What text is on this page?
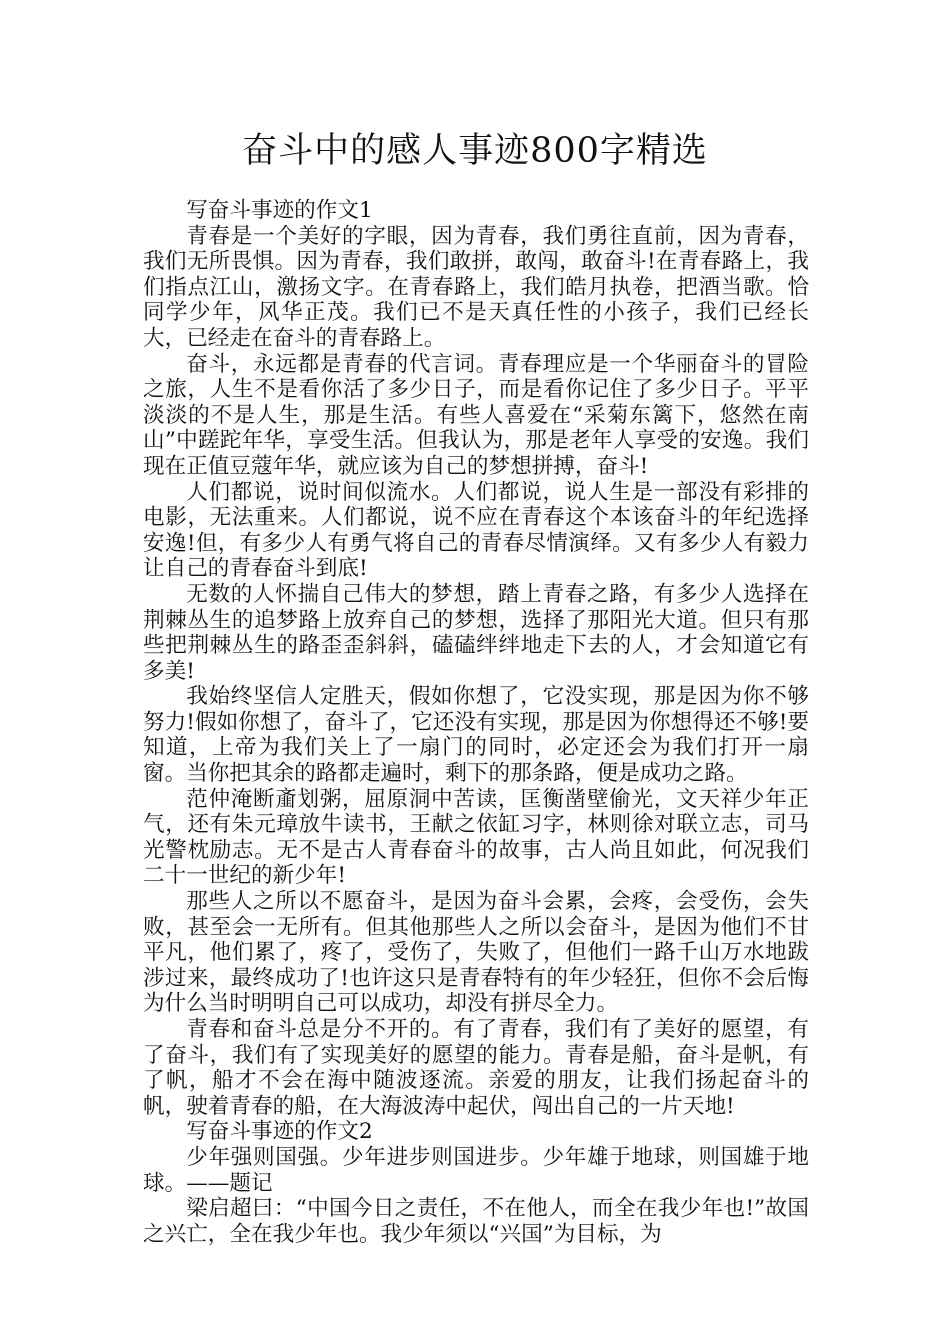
奋斗中的感人事迹800字精选

写奋斗事迹的作文1

青春是一个美好的字眼，因为青春，我们勇往直前，因为青春，我们无所畏惧。因为青春，我们敢拼，敢闯，敢奋斗!在青春路上，我们指点江山，激扬文字。在青春路上，我们皓月执卷，把酒当歌。恰同学少年，风华正茂。我们已不是天真任性的小孩子，我们已经长大，已经走在奋斗的青春路上。

奋斗，永远都是青春的代言词。青春理应是一个华丽奋斗的冒险之旅，人生不是看你活了多少日子，而是看你记住了多少日子。平平淡淡的不是人生，那是生活。有些人喜爱在“采菊东篱下，悠然在南山”中蹉跎年华，享受生活。但我认为，那是老年人享受的安逸。我们现在正值豆蔻年华，就应该为自己的梦想拼搏，奋斗!

人们都说，说时间似流水。人们都说，说人生是一部没有彩排的电影，无法重来。人们都说，说不应在青春这个本该奋斗的年纪选择安逸!但，有多少人有勇气将自己的青春尽情演绎。又有多少人有毅力让自己的青春奋斗到底!

无数的人怀揣自己伟大的梦想，踏上青春之路，有多少人选择在荆棘丛生的追梦路上放弃自己的梦想，选择了那阳光大道。但只有那些把荆棘丛生的路歪歪斜斜，磕磕绊绊地走下去的人，才会知道它有多美!

我始终坚信人定胜天，假如你想了，它没实现，那是因为你不够努力!假如你想了，奋斗了，它还没有实现，那是因为你想得还不够!要知道，上帝为我们关上了一扇门的同时，必定还会为我们打开一扇窗。当你把其余的路都走遍时，剩下的那条路，便是成功之路。

范仲淹断齑划粥，屈原洞中苦读，匡衡凿壁偷光，文天祥少年正气，还有朱元璋放牛读书，王献之依缸习字，林则徐对联立志，司马光警枕励志。无不是古人青春奋斗的故事，古人尚且如此，何况我们二十一世纪的新少年!

那些人之所以不愿奋斗，是因为奋斗会累，会疼，会受伤，会失败，甚至会一无所有。但其他那些人之所以会奋斗，是因为他们不甘平凡，他们累了，疼了，受伤了，失败了，但他们一路千山万水地跋涉过来，最终成功了!也许这只是青春特有的年少轻狂，但你不会后悔为什么当时明明自己可以成功，却没有拼尽全力。

青春和奋斗总是分不开的。有了青春，我们有了美好的愿望，有了奋斗，我们有了实现美好的愿望的能力。青春是船，奋斗是帆，有了帆，船才不会在海中随波逐流。亲爱的朋友，让我们扬起奋斗的帆，驶着青春的船，在大海波涛中起伏，闯出自己的一片天地!

写奋斗事迹的作文2

少年强则国强。少年进步则国进步。少年雄于地球，则国雄于地球。——题记

梁启超曰：“中国今日之责任，不在他人，而全在我少年也!”故国之兴亡，全在我少年也。我少年须以“兴国”为目标，为
